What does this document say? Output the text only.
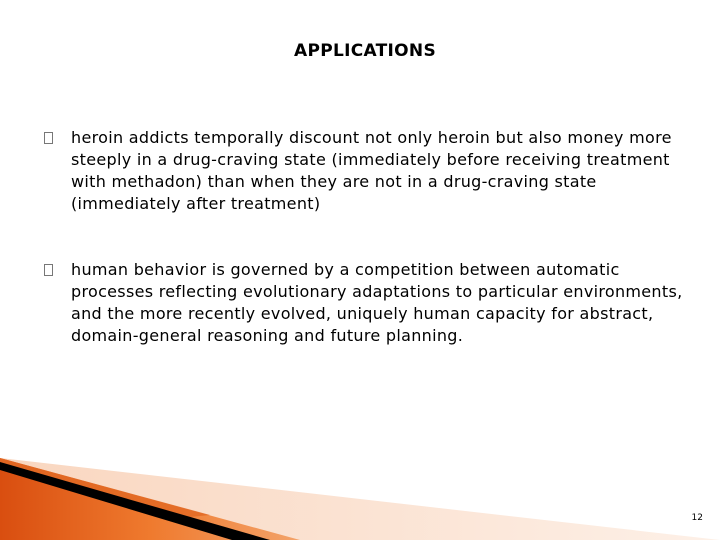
APPLICATIONS
heroin addicts temporally discount not only heroin but also money more steeply in a drug-craving state (immediately before receiving treatment with methadon) than when they are not in a drug-craving state (immediately after treatment)
human behavior is governed by a competition between automatic processes reflecting evolutionary adaptations to particular environments, and the more recently evolved, uniquely human capacity for abstract, domain-general reasoning and future planning.
12
